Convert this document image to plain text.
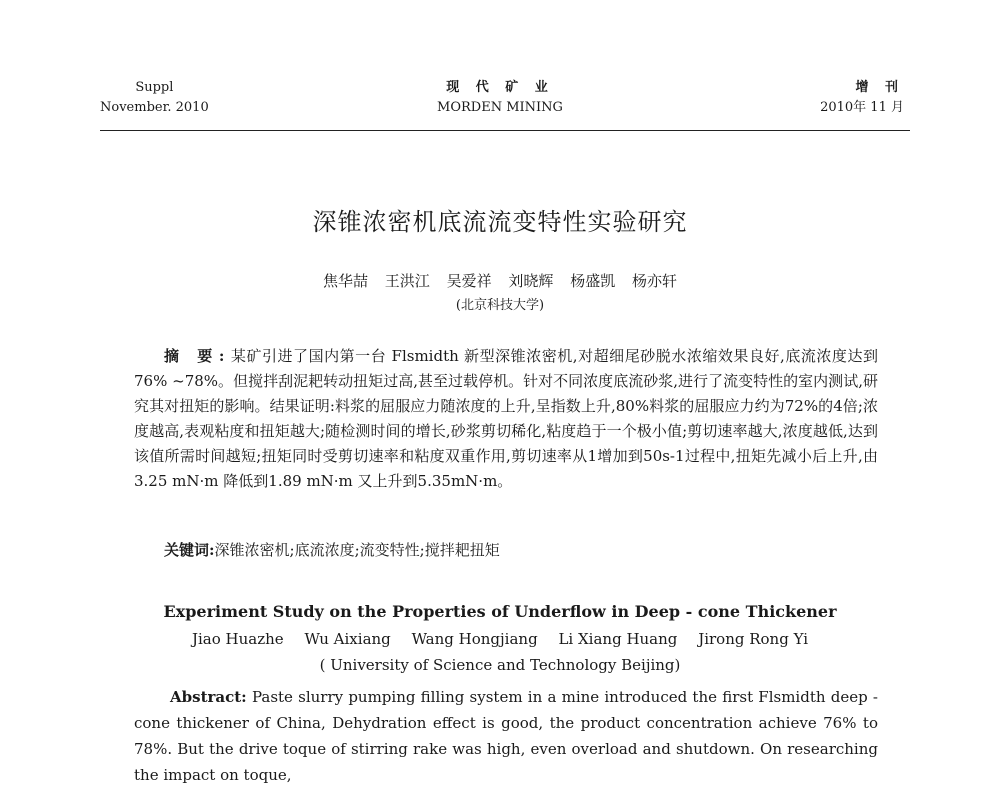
Suppl
November. 2010
现 代 矿 业
MORDEN MINING
增 刊
2010年 11 月
深锥浓密机底流流变特性实验研究
焦华喆 王洪江 吴爱祥 刘晓辉 杨盛凯 杨亦轩
(北京科技大学)
摘 要:某矿引进了国内第一台 Flsmidth 新型深锥浓密机,对超细尾砂脱水浓缩效果良好,底流浓度达到76% ~78%。但搅拌刮泥耙转动扭矩过高,甚至过载停机。针对不同浓度底流砂浆,进行了流变特性的室内测试,研究其对扭矩的影响。结果证明:料浆的屈服应力随浓度的上升,呈指数上升,80%料浆的屈服应力约为72%的4倍;浓度越高,表观粘度和扭矩越大;随检测时间的增长,砂浆剪切稀化,粘度趋于一个极小值;剪切速率越大,浓度越低,达到该值所需时间越短;扭矩同时受剪切速率和粘度双重作用,剪切速率从1增加到50s-1过程中,扭矩先减小后上升,由3.25 mN·m 降低到1.89 mN·m 又上升到5.35mN·m。
关键词:深锥浓密机;底流浓度;流变特性;搅拌耙扭矩
Experiment Study on the Properties of Underflow in Deep - cone Thickener
Jiao Huazhe Wu Aixiang Wang Hongjiang Li Xiang Huang Jirong Rong Yi
( University of Science and Technology Beijing)
Abstract: Paste slurry pumping filling system in a mine introduced the first Flsmidth deep - cone thickener of China, Dehydration effect is good, the product concentration achieve 76% to 78%. But the drive toque of stirring rake was high, even overload and shutdown. On researching the impact on toque,
